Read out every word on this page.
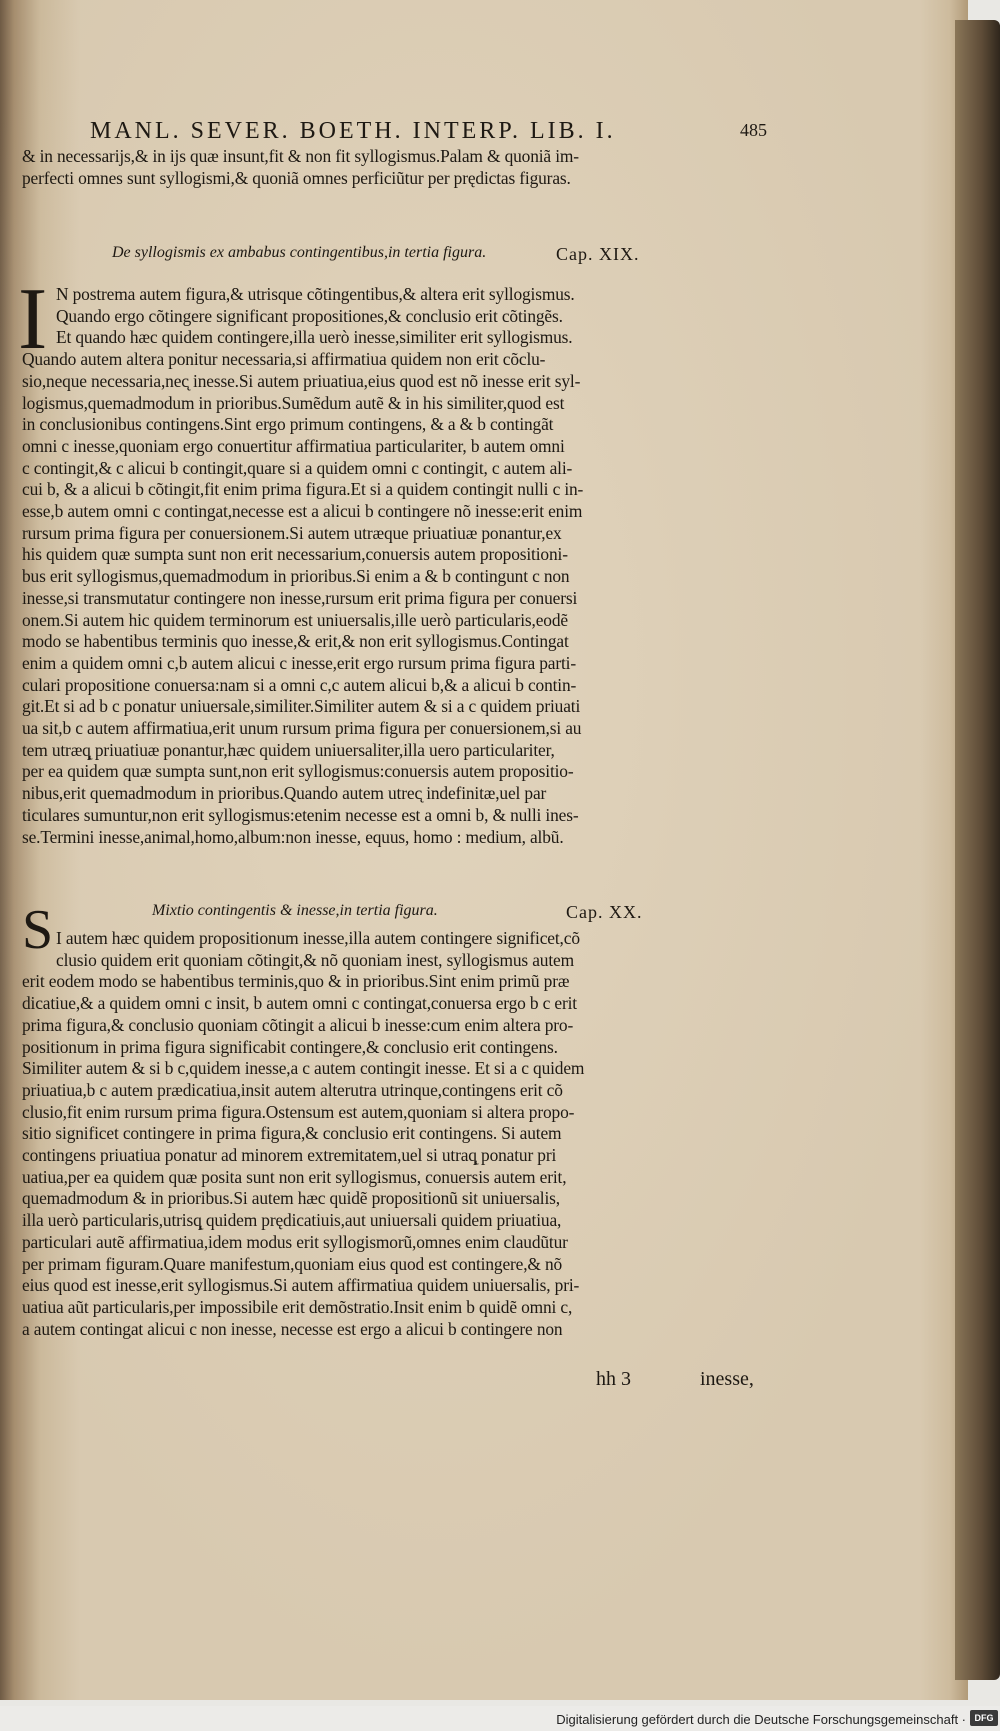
MANL. SEVER. BOETH. INTERP. LIB. I.	485
& in necessarijs,& in ijs quæ insunt,fit & non fit syllogismus.Palam & quoniã im-
perfecti omnes sunt syllogismi,& quoniã omnes perficiũtur per prędictas figuras.
De syllogismis ex ambabus contingentibus,in tertia figura.	Cap. XIX.
I N postrema autem figura,& utrisque cõtingentibus,& altera erit syllogismus.
Quando ergo cõtingere significant propositiones,& conclusio erit cõtingẽs.
Et quando hæc quidem contingere,illa uerò inesse,similiter erit syllogismus.
Quando autem altera ponitur necessaria,si affirmatiua quidem non erit cõclu-
sio,neque necessaria,nec̨ inesse.Si autem priuatiua,eius quod est nõ inesse erit syl-
logismus,quemadmodum in prioribus.Sumẽdum autẽ & in his similiter,quod est
in conclusionibus contingens.Sint ergo primum contingens, & a & b contingãt
omni c inesse,quoniam ergo conuertitur affirmatiua particulariter, b autem omni
c contingit,& c alicui b contingit,quare si a quidem omni c contingit, c autem ali-
cui b, & a alicui b cõtingit,fit enim prima figura.Et si a quidem contingit nulli c in-
esse,b autem omni c contingat,necesse est a alicui b contingere nõ inesse:erit enim
rursum prima figura per conuersionem.Si autem utræque priuatiuæ ponantur,ex
his quidem quæ sumpta sunt non erit necessarium,conuersis autem propositioni-
bus erit syllogismus,quemadmodum in prioribus.Si enim a & b contingunt c non
inesse,si transmutatur contingere non inesse,rursum erit prima figura per conuersi
onem.Si autem hic quidem terminorum est uniuersalis,ille uerò particularis,eodẽ
modo se habentibus terminis quo inesse,& erit,& non erit syllogismus.Contingat
enim a quidem omni c,b autem alicui c inesse,erit ergo rursum prima figura parti-
culari propositione conuersa:nam si a omni c,c autem alicui b,& a alicui b contin-
git.Et si ad b c ponatur uniuersale,similiter.Similiter autem & si a c quidem priuati
ua sit,b c autem affirmatiua,erit unum rursum prima figura per conuersionem,si au
tem utræq̨ priuatiuæ ponantur,hæc quidem uniuersaliter,illa uero particulariter,
per ea quidem quæ sumpta sunt,non erit syllogismus:conuersis autem propositio-
nibus,erit quemadmodum in prioribus.Quando autem utrec̨ indefinitæ,uel par
ticulares sumuntur,non erit syllogismus:etenim necesse est a omni b, & nulli ines-
se.Termini inesse,animal,homo,album:non inesse, equus, homo : medium, albũ.
Mixtio contingentis & inesse,in tertia figura.	Cap. XX.
S I autem hæc quidem propositionum inesse,illa autem contingere significet,cõ
clusio quidem erit quoniam cõtingit,& nõ quoniam inest, syllogismus autem
erit eodem modo se habentibus terminis,quo & in prioribus.Sint enim primũ præ
dicatiue,& a quidem omni c insit, b autem omni c contingat,conuersa ergo b c erit
prima figura,& conclusio quoniam cõtingit a alicui b inesse:cum enim altera pro-
positionum in prima figura significabit contingere,& conclusio erit contingens.
Similiter autem & si b c,quidem inesse,a c autem contingit inesse. Et si a c quidem
priuatiua,b c autem prædicatiua,insit autem alterutra utrinque,contingens erit cõ
clusio,fit enim rursum prima figura.Ostensum est autem,quoniam si altera propo-
sitio significet contingere in prima figura,& conclusio erit contingens. Si autem
contingens priuatiua ponatur ad minorem extremitatem,uel si utraq̨ ponatur pri
uatiua,per ea quidem quæ posita sunt non erit syllogismus, conuersis autem erit,
quemadmodum & in prioribus.Si autem hæc quidẽ propositionũ sit uniuersalis,
illa uerò particularis,utrisq̨ quidem prędicatiuis,aut uniuersali quidem priuatiua,
particulari autẽ affirmatiua,idem modus erit syllogismorũ,omnes enim claudũtur
per primam figuram.Quare manifestum,quoniam eius quod est contingere,& nõ
eius quod est inesse,erit syllogismus.Si autem affirmatiua quidem uniuersalis, pri-
uatiua aũt particularis,per impossibile erit demõstratio.Insit enim b quidẽ omni c,
a autem contingat alicui c non inesse, necesse est ergo a alicui b contingere non
hh 3	inesse,
Digitalisierung gefördert durch die Deutsche Forschungsgemeinschaft · DFG
